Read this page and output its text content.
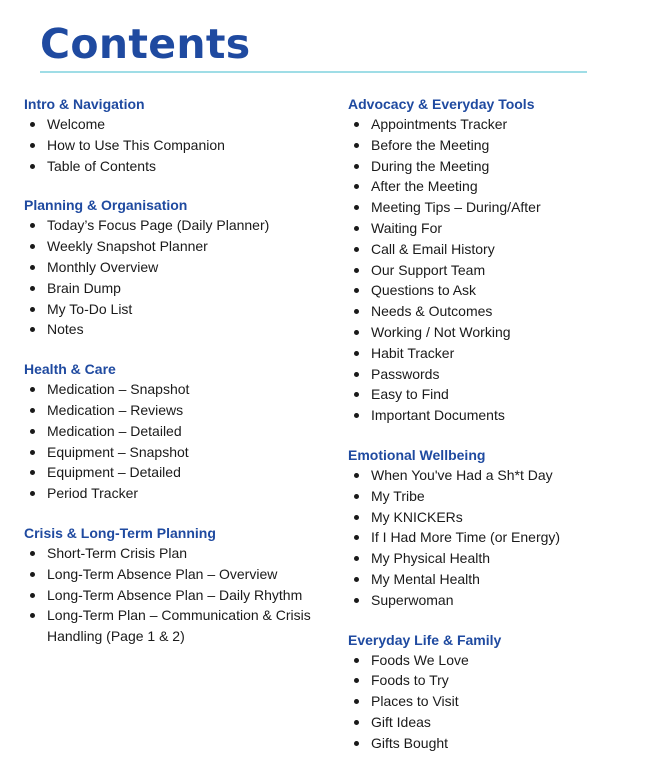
Contents
Intro & Navigation
Welcome
How to Use This Companion
Table of Contents
Planning & Organisation
Today’s Focus Page (Daily Planner)
Weekly Snapshot Planner
Monthly Overview
Brain Dump
My To-Do List
Notes
Health & Care
Medication – Snapshot
Medication – Reviews
Medication – Detailed
Equipment – Snapshot
Equipment – Detailed
Period Tracker
Crisis & Long-Term Planning
Short-Term Crisis Plan
Long-Term Absence Plan – Overview
Long-Term Absence Plan – Daily Rhythm
Long-Term Plan – Communication & Crisis Handling (Page 1 & 2)
Advocacy & Everyday Tools
Appointments Tracker
Before the Meeting
During the Meeting
After the Meeting
Meeting Tips – During/After
Waiting For
Call & Email History
Our Support Team
Questions to Ask
Needs & Outcomes
Working / Not Working
Habit Tracker
Passwords
Easy to Find
Important Documents
Emotional Wellbeing
When You've Had a Sh*t Day
My Tribe
My KNICKERs
If I Had More Time (or Energy)
My Physical Health
My Mental Health
Superwoman
Everyday Life & Family
Foods We Love
Foods to Try
Places to Visit
Gift Ideas
Gifts Bought
